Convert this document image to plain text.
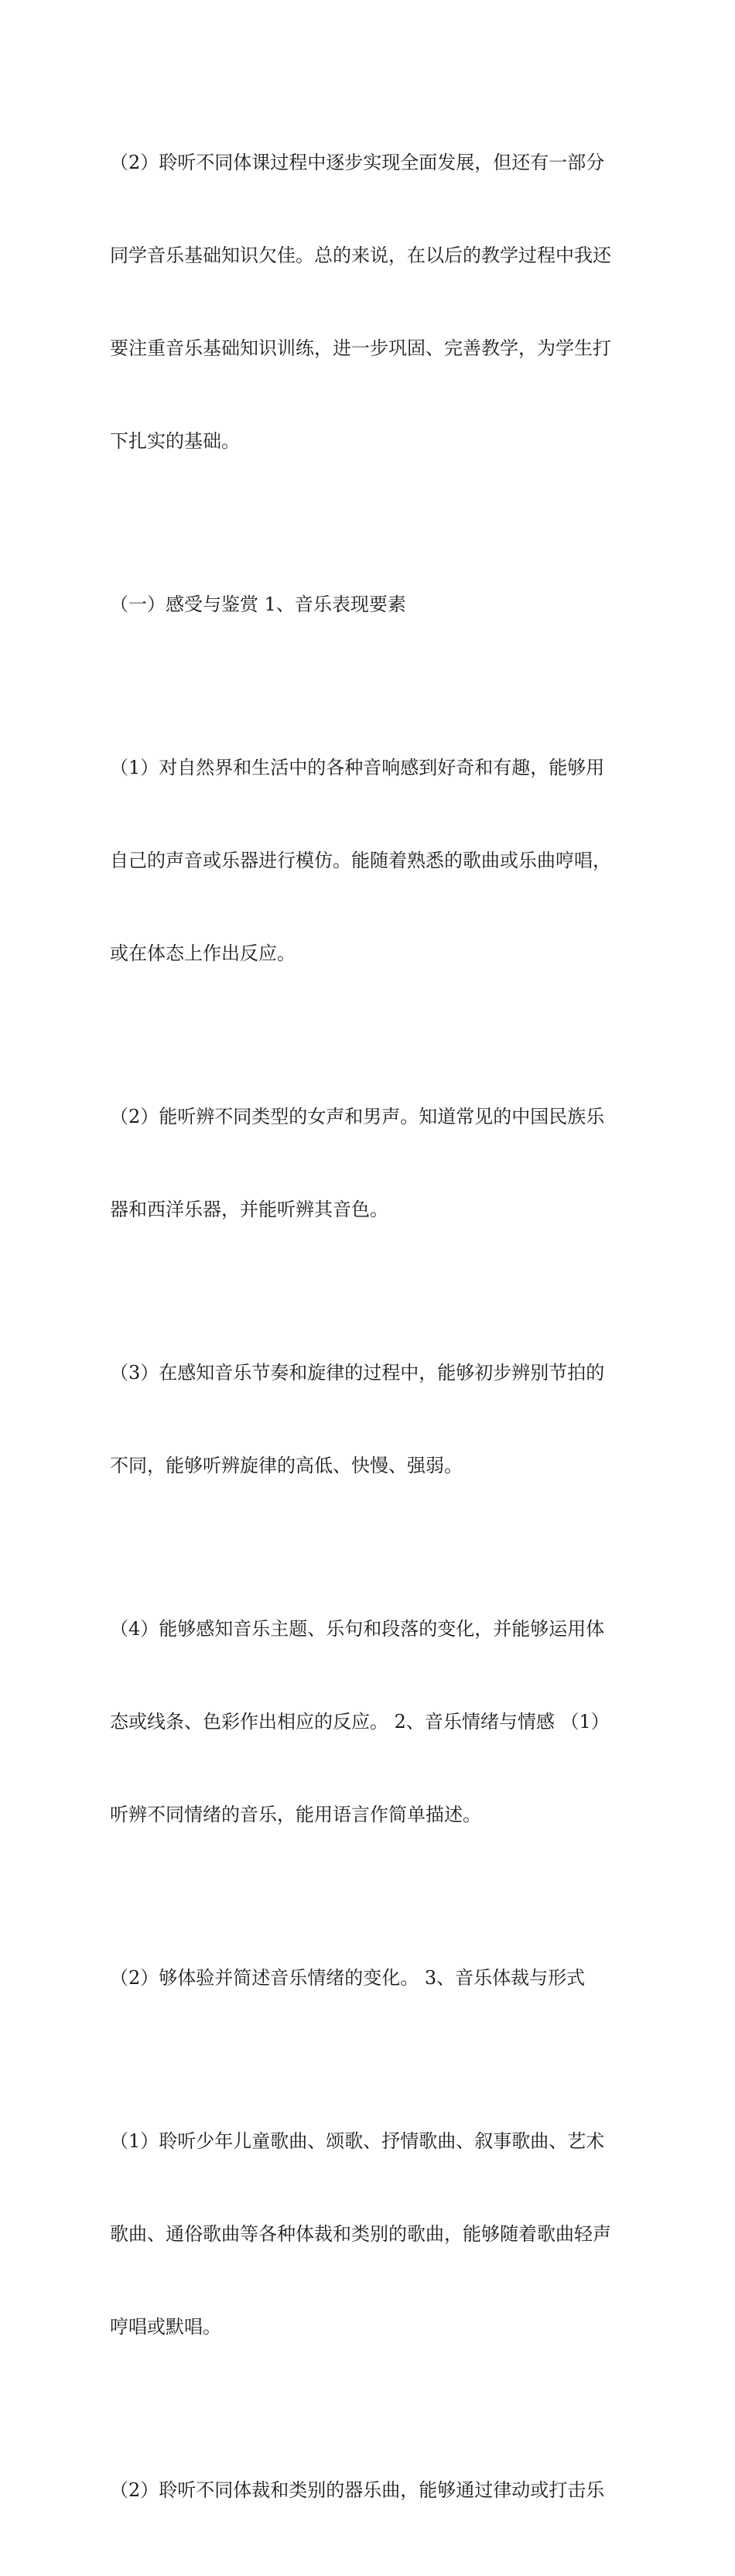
（2）聆听不同体课过程中逐步实现全面发展，但还有一部分

同学音乐基础知识欠佳。总的来说，在以后的教学过程中我还

要注重音乐基础知识训练，进一步巩固、完善教学，为学生打

下扎实的基础。

（一）感受与鉴赏 1、音乐表现要素

（1）对自然界和生活中的各种音响感到好奇和有趣，能够用

自己的声音或乐器进行模仿。能随着熟悉的歌曲或乐曲哼唱，

或在体态上作出反应。

（2）能听辨不同类型的女声和男声。知道常见的中国民族乐

器和西洋乐器，并能听辨其音色。

（3）在感知音乐节奏和旋律的过程中，能够初步辨别节拍的

不同，能够听辨旋律的高低、快慢、强弱。

（4）能够感知音乐主题、乐句和段落的变化，并能够运用体

态或线条、色彩作出相应的反应。 2、音乐情绪与情感 （1）

听辨不同情绪的音乐，能用语言作简单描述。

（2）够体验并简述音乐情绪的变化。 3、音乐体裁与形式

（1）聆听少年儿童歌曲、颂歌、抒情歌曲、叙事歌曲、艺术

歌曲、通俗歌曲等各种体裁和类别的歌曲，能够随着歌曲轻声

哼唱或默唱。

（2）聆听不同体裁和类别的器乐曲，能够通过律动或打击乐
